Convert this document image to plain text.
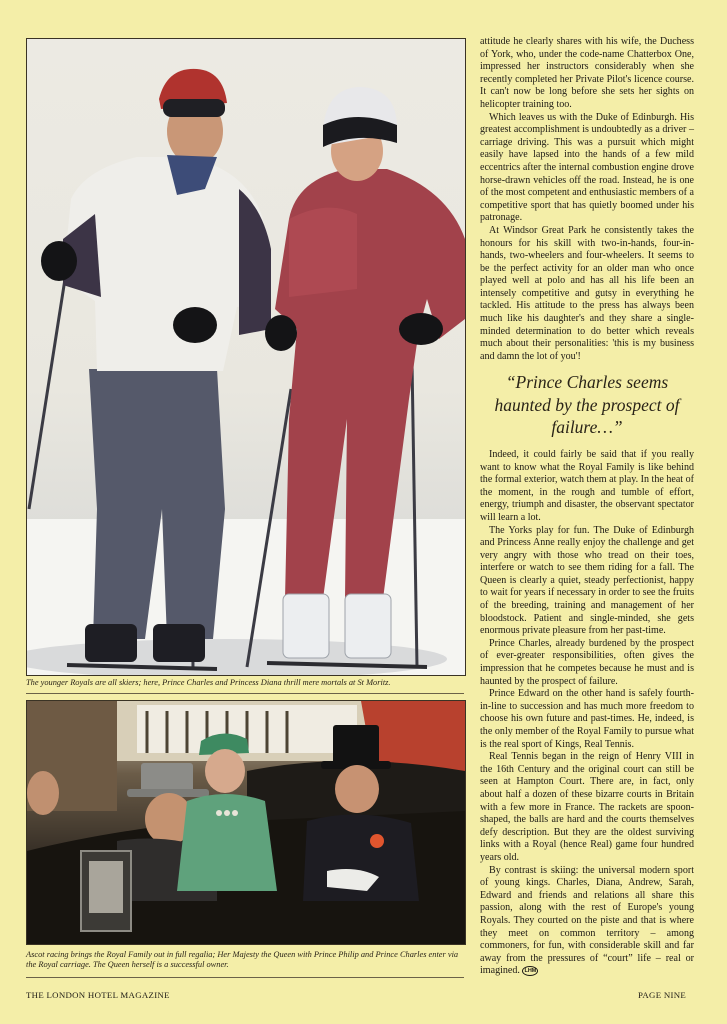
The younger Royals are all skiers; here, Prince Charles and Princess Diana thrill mere mortals at St Moritz.
Ascot racing brings the Royal Family out in full regalia; Her Majesty the Queen with Prince Philip and Prince Charles enter via the Royal carriage. The Queen herself is a successful owner.

attitude he clearly shares with his wife, the Duchess of York, who, under the code-name Chatterbox One, impressed her instructors considerably when she recently completed her Private Pilot's licence course. It can't now be long before she sets her sights on helicopter training too.

Which leaves us with the Duke of Edinburgh. His greatest accomplishment is undoubtedly as a driver – carriage driving. This was a pursuit which might easily have lapsed into the hands of a few mild eccentrics after the internal combustion engine drove horse-drawn vehicles off the road. Instead, he is one of the most competent and enthusiastic members of a competitive sport that has quietly boomed under his patronage.

At Windsor Great Park he consistently takes the honours for his skill with two-in-hands, four-in-hands, two-wheelers and four-wheelers. It seems to be the perfect activity for an older man who once played well at polo and has all his life been an intensely competitive and gutsy in everything he tackled. His attitude to the press has always been much like his daughter's and they share a single-minded determination to do better which reveals much about their personalities: 'this is my business and damn the lot of you'!

“Prince Charles seems haunted by the prospect of failure…”

Indeed, it could fairly be said that if you really want to know what the Royal Family is like behind the formal exterior, watch them at play. In the heat of the moment, in the rough and tumble of effort, energy, triumph and disaster, the observant spectator will learn a lot.

The Yorks play for fun. The Duke of Edinburgh and Princess Anne really enjoy the challenge and get very angry with those who tread on their toes, interfere or watch to see them riding for a fall. The Queen is clearly a quiet, steady perfectionist, happy to wait for years if necessary in order to see the fruits of the breeding, training and management of her bloodstock. Patient and single-minded, she gets enormous private pleasure from her past-time.

Prince Charles, already burdened by the prospect of ever-greater responsibilities, often gives the impression that he competes because he must and is haunted by the prospect of failure.

Prince Edward on the other hand is safely fourth-in-line to succession and has much more freedom to choose his own future and past-times. He, indeed, is the only member of the Royal Family to pursue what is the real sport of Kings, Real Tennis.

Real Tennis began in the reign of Henry VIII in the 16th Century and the original court can still be seen at Hampton Court. There are, in fact, only about half a dozen of these bizarre courts in Britain with a few more in France. The rackets are spoon-shaped, the balls are hard and the courts themselves defy description. But they are the oldest surviving links with a Royal (hence Real) game four hundred years old.

By contrast is skiing: the universal modern sport of young kings. Charles, Diana, Andrew, Sarah, Edward and friends and relations all share this passion, along with the rest of Europe's young Royals. They courted on the piste and that is where they meet on common territory – among commoners, for fun, with considerable skill and far away from the pressures of “court” life – real or imagined. LHM

THE LONDON HOTEL MAGAZINE	PAGE NINE
